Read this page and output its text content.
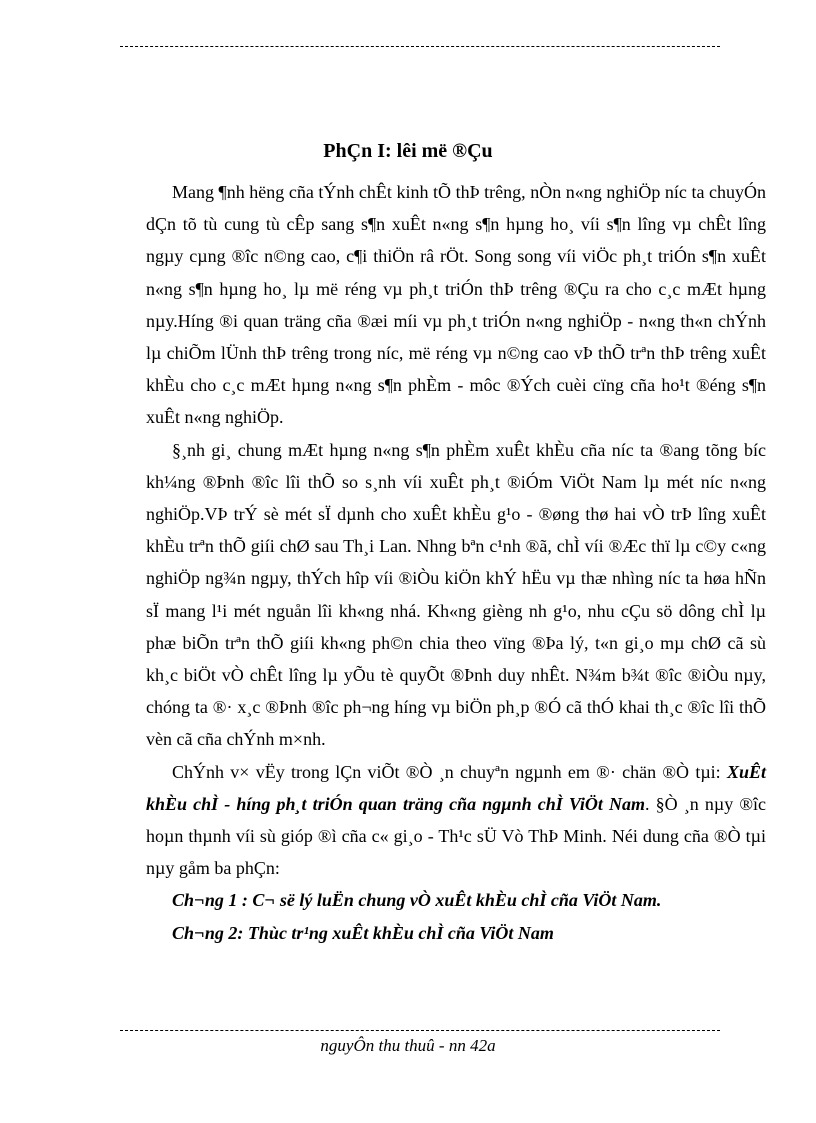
PhÇn I: lêi më ®Çu

Mang ¶nh hëng cña tÝnh chÊt kinh tÕ thÞ trêng, nÒn n«ng nghiÖp níc ta chuyÓn dÇn tõ tù cung tù cÊp sang s¶n xuÊt n«ng s¶n hµng ho¸ víi s¶n lîng vµ chÊt lîng ngµy cµng ®îc n©ng cao, c¶i thiÖn râ rÖt. Song song víi viÖc ph¸t triÓn s¶n xuÊt n«ng s¶n hµng ho¸ lµ më réng vµ ph¸t triÓn thÞ trêng ®Çu ra cho c¸c mÆt hµng nµy.Híng ®i quan träng cña ®æi míi vµ ph¸t triÓn n«ng nghiÖp - n«ng th«n chÝnh lµ chiÕm lÜnh thÞ trêng trong níc, më réng vµ n©ng cao vÞ thÕ trªn thÞ trêng xuÊt khÈu cho c¸c mÆt hµng n«ng s¶n phÈm - môc ®Ých cuèi cïng cña ho¹t ®éng s¶n xuÊt n«ng nghiÖp.

§¸nh gi¸ chung mÆt hµng n«ng s¶n phÈm xuÊt khÈu cña níc ta ®ang tõng bíc kh¼ng ®Þnh ®îc lîi thÕ so s¸nh víi xuÊt ph¸t ®iÓm ViÖt Nam lµ mét níc n«ng nghiÖp.VÞ trÝ sè mét sÏ dµnh cho xuÊt khÈu g¹o - ®øng thø hai vÒ trÞ lîng xuÊt khÈu trªn thÕ giíi chØ sau Th¸i Lan. Nhng bªn c¹nh ®ã, chÌ víi ®Æc thï lµ c©y c«ng nghiÖp ng¾n ngµy, thÝch hîp víi ®iÒu kiÖn khÝ hËu vµ thæ nhìng níc ta høa hÑn sÏ mang l¹i mét nguån lîi kh«ng nhá. Kh«ng gièng nh g¹o, nhu cÇu sö dông chÌ lµ phæ biÕn trªn thÕ giíi kh«ng ph©n chia theo vïng ®Þa lý, t«n gi¸o mµ chØ cã sù kh¸c biÖt vÒ chÊt lîng lµ yÕu tè quyÕt ®Þnh duy nhÊt. N¾m b¾t ®îc ®iÒu nµy, chóng ta ®· x¸c ®Þnh ®îc ph¬ng híng vµ biÖn ph¸p ®Ó cã thÓ khai th¸c ®îc lîi thÕ vèn cã cña chÝnh m×nh.

ChÝnh v× vËy trong lÇn viÕt ®Ò ¸n chuyªn ngµnh em ®· chän ®Ò tµi: XuÊt khÈu chÌ - híng ph¸t triÓn quan träng cña ngµnh chÌ ViÖt Nam. §Ò ¸n nµy ®îc hoµn thµnh víi sù gióp ®ì cña c« gi¸o - Th¹c sÜ Vò ThÞ Minh. Néi dung cña ®Ò tµi nµy gåm ba phÇn:

Ch¬ng 1 : C¬ së lý luËn chung vÒ xuÊt khÈu chÌ cña ViÖt Nam.

Ch¬ng 2: Thùc tr¹ng xuÊt khÈu chÌ cña ViÖt Nam

nguyÔn thu thuû - nn 42a
